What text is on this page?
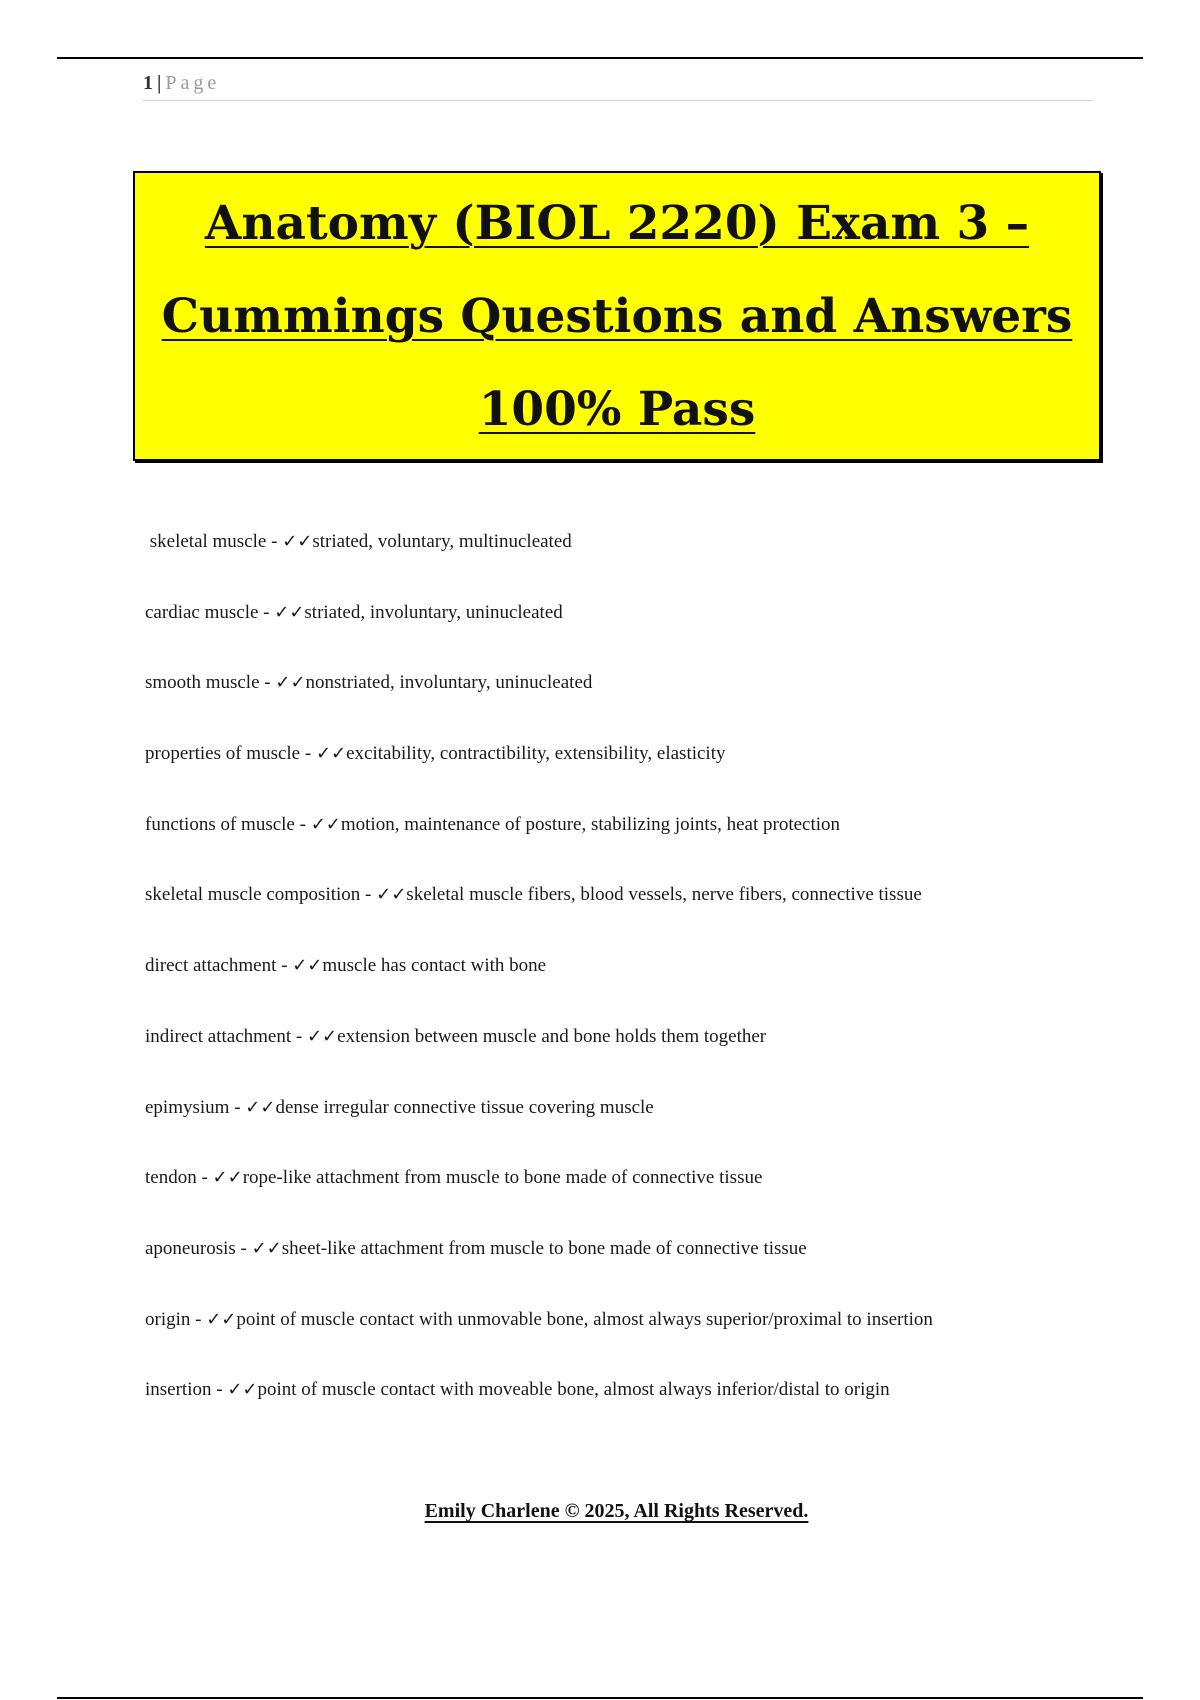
1 | Page
Anatomy (BIOL 2220) Exam 3 –
Cummings Questions and Answers
100% Pass
skeletal muscle - ✓✓striated, voluntary, multinucleated
cardiac muscle - ✓✓striated, involuntary, uninucleated
smooth muscle - ✓✓nonstriated, involuntary, uninucleated
properties of muscle - ✓✓excitability, contractibility, extensibility, elasticity
functions of muscle - ✓✓motion, maintenance of posture, stabilizing joints, heat protection
skeletal muscle composition - ✓✓skeletal muscle fibers, blood vessels, nerve fibers, connective tissue
direct attachment - ✓✓muscle has contact with bone
indirect attachment - ✓✓extension between muscle and bone holds them together
epimysium - ✓✓dense irregular connective tissue covering muscle
tendon - ✓✓rope-like attachment from muscle to bone made of connective tissue
aponeurosis - ✓✓sheet-like attachment from muscle to bone made of connective tissue
origin - ✓✓point of muscle contact with unmovable bone, almost always superior/proximal to insertion
insertion - ✓✓point of muscle contact with moveable bone, almost always inferior/distal to origin
Emily Charlene © 2025, All Rights Reserved.
